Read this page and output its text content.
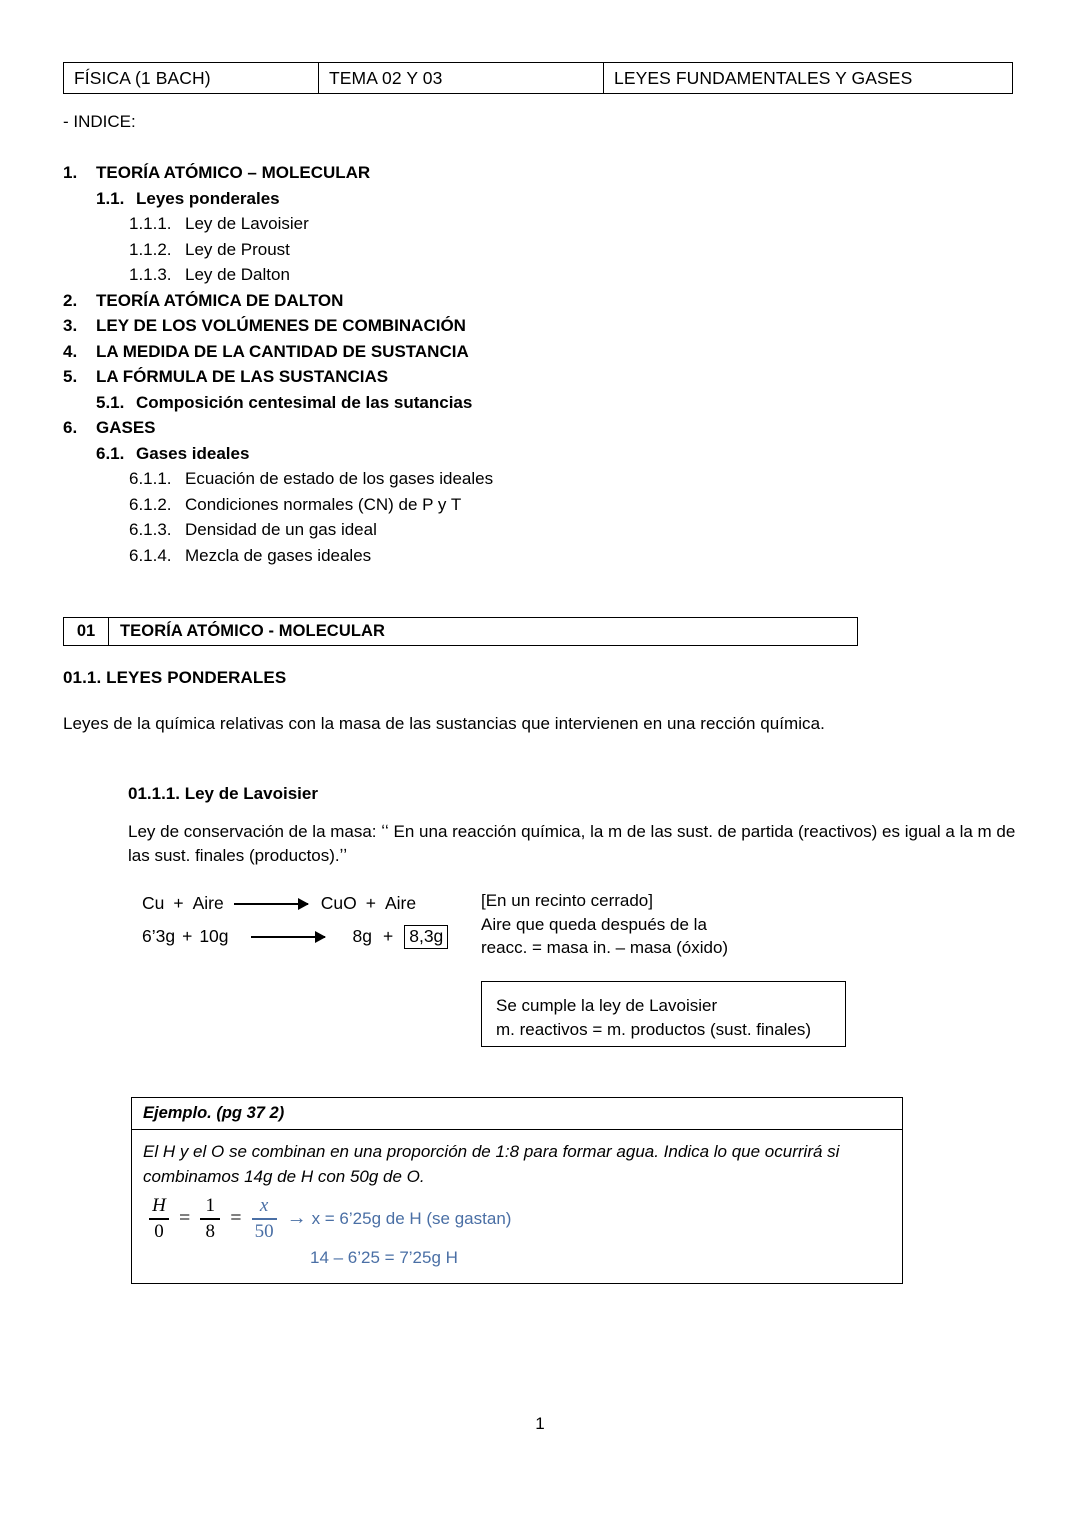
FÍSICA (1 BACH)	TEMA 02 Y 03	LEYES FUNDAMENTALES Y GASES
- INDICE:
1.	TEORÍA ATÓMICO – MOLECULAR
1.1. Leyes ponderales
1.1.1. Ley de Lavoisier
1.1.2. Ley de Proust
1.1.3. Ley de Dalton
2.	TEORÍA ATÓMICA DE DALTON
3.	LEY DE LOS VOLÚMENES DE COMBINACIÓN
4.	LA MEDIDA DE LA CANTIDAD DE SUSTANCIA
5.	LA FÓRMULA DE LAS SUSTANCIAS
5.1. Composición centesimal de las sutancias
6.	GASES
6.1. Gases ideales
6.1.1. Ecuación de estado de los gases ideales
6.1.2. Condiciones normales (CN) de P y T
6.1.3. Densidad de un gas ideal
6.1.4. Mezcla de gases ideales
01	TEORÍA ATÓMICO - MOLECULAR
01.1. LEYES PONDERALES
Leyes de la química relativas con la masa de las sustancias que intervienen en una rección química.
01.1.1. Ley de Lavoisier
Ley de conservación de la masa: ʻʻ En una reacción química, la m de las sust. de partida (reactivos) es igual a la m de las sust. finales (productos).ʼʼ
Cu + Aire	CuO + Aire
6’3g + 10g	8g + 8,3g
[En un recinto cerrado]
Aire que queda después de la
reacc. = masa in. – masa (óxido)
Se cumple la ley de Lavoisier
m. reactivos = m. productos (sust. finales)
Ejemplo. (pg 37 2)
El H y el O se combinan en una proporción de 1:8 para formar agua. Indica lo que ocurrirá si combinamos 14g de H con 50g de O.
$\frac{H}{0} = \frac{1}{8} = \frac{x}{50} \to x$ = 6’25g de H (se gastan)
14 – 6’25 = 7’25g H
1
